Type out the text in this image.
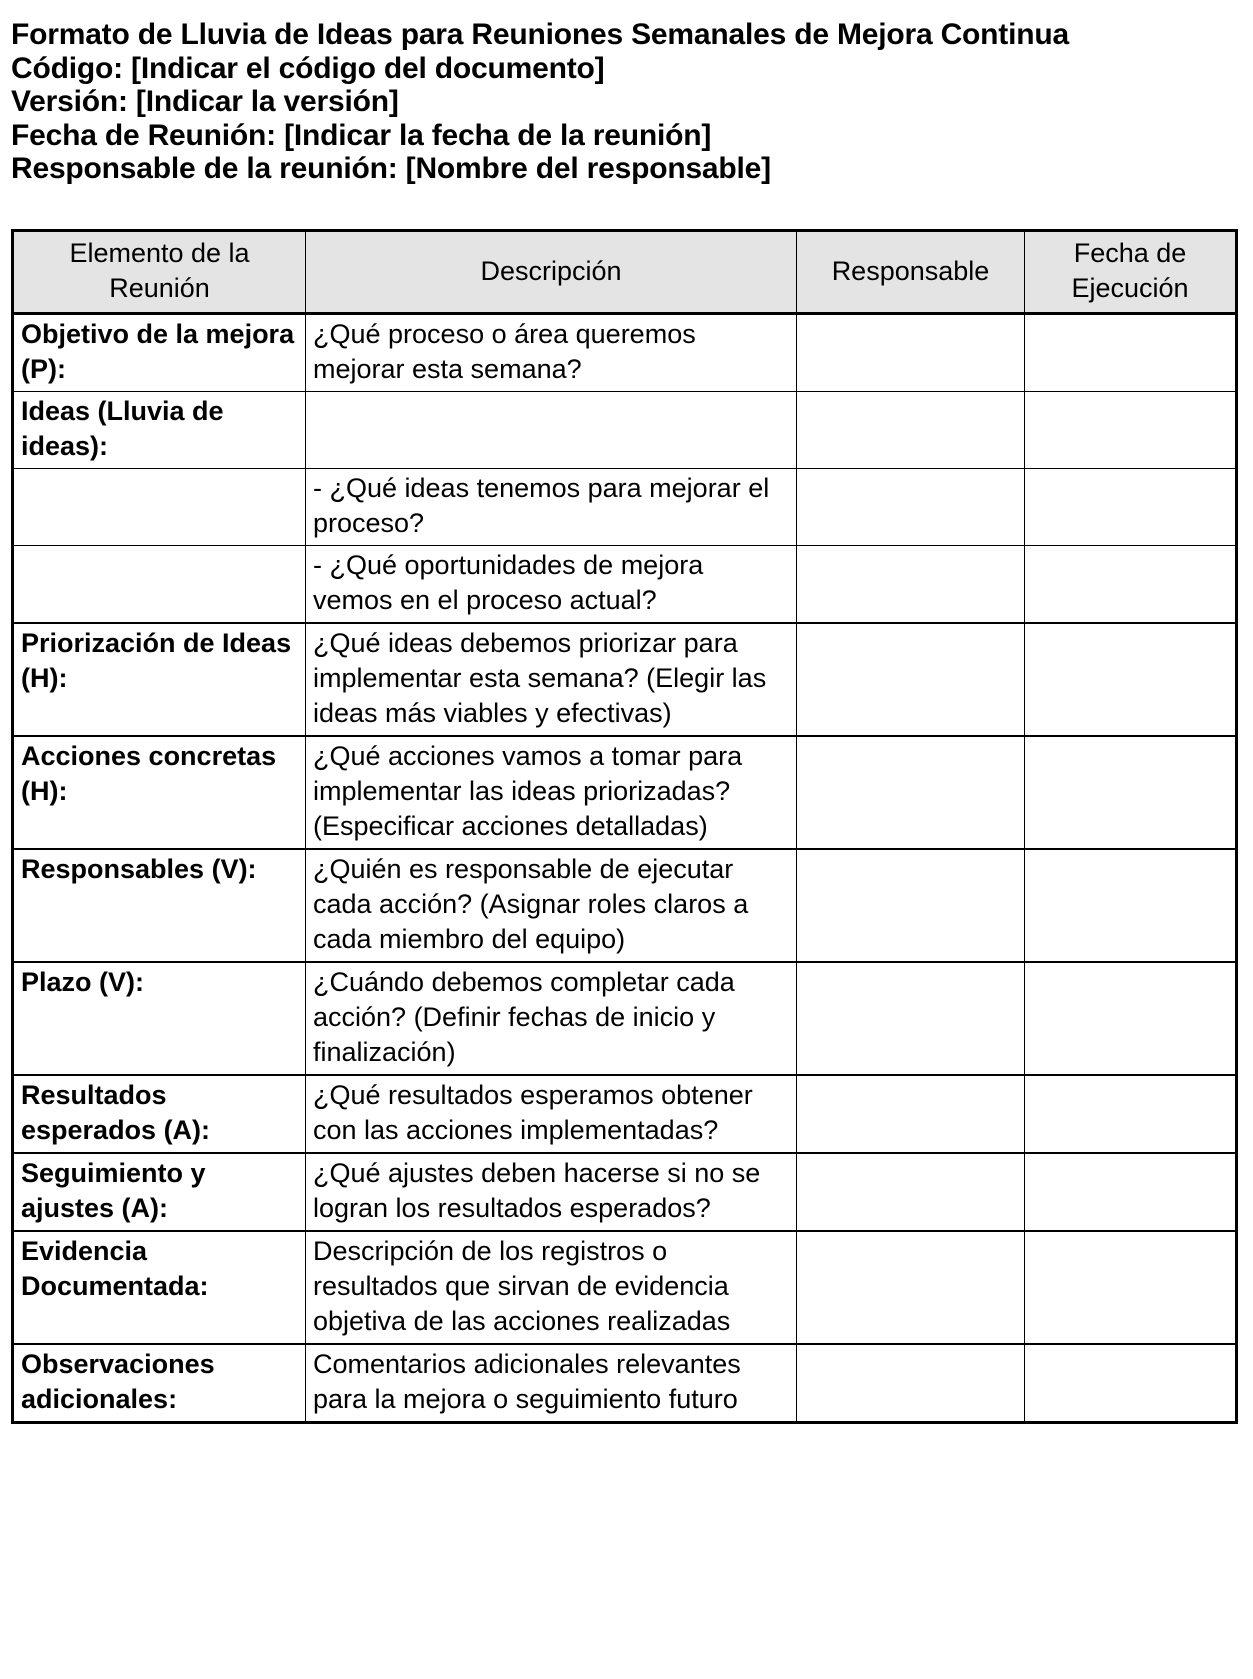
Formato de Lluvia de Ideas para Reuniones Semanales de Mejora Continua
Código: [Indicar el código del documento]
Versión: [Indicar la versión]
Fecha de Reunión: [Indicar la fecha de la reunión]
Responsable de la reunión: [Nombre del responsable]
Elemento de la Reunión	Descripción	Responsable	Fecha de Ejecución
Objetivo de la mejora (P):	¿Qué proceso o área queremos mejorar esta semana?		
Ideas (Lluvia de ideas):			
	- ¿Qué ideas tenemos para mejorar el proceso?		
	- ¿Qué oportunidades de mejora vemos en el proceso actual?		
Priorización de Ideas (H):	¿Qué ideas debemos priorizar para implementar esta semana? (Elegir las ideas más viables y efectivas)		
Acciones concretas (H):	¿Qué acciones vamos a tomar para implementar las ideas priorizadas? (Especificar acciones detalladas)		
Responsables (V):	¿Quién es responsable de ejecutar cada acción? (Asignar roles claros a cada miembro del equipo)		
Plazo (V):	¿Cuándo debemos completar cada acción? (Definir fechas de inicio y finalización)		
Resultados esperados (A):	¿Qué resultados esperamos obtener con las acciones implementadas?		
Seguimiento y ajustes (A):	¿Qué ajustes deben hacerse si no se logran los resultados esperados?		
Evidencia Documentada:	Descripción de los registros o resultados que sirvan de evidencia objetiva de las acciones realizadas		
Observaciones adicionales:	Comentarios adicionales relevantes para la mejora o seguimiento futuro		
